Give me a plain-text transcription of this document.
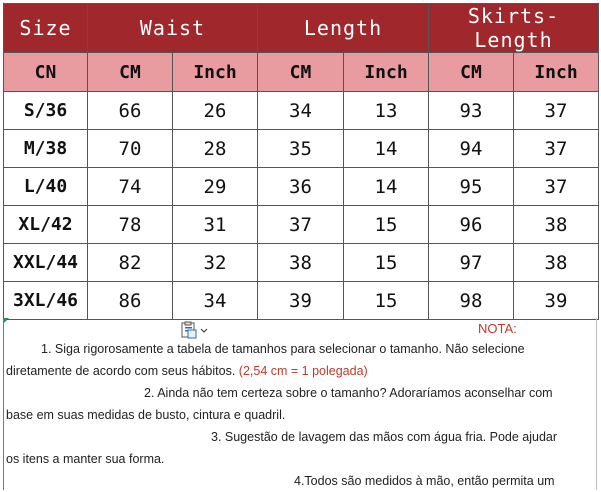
Size	Waist		Length		Skirts-Length	
CN	CM	Inch	CM	Inch	CM	Inch
S/36	66	26	34	13	93	37
M/38	70	28	35	14	94	37
L/40	74	29	36	14	95	37
XL/42	78	31	37	15	96	38
XXL/44	82	32	38	15	97	38
3XL/46	86	34	39	15	98	39
NOTA:
1. Siga rigorosamente a tabela de tamanhos para selecionar o tamanho. Não selecione
diretamente de acordo com seus hábitos. (2,54 cm = 1 polegada)
2. Ainda não tem certeza sobre o tamanho? Adoraríamos aconselhar com
base em suas medidas de busto, cintura e quadril.
3. Sugestão de lavagem das mãos com água fria. Pode ajudar
os itens a manter sua forma.
4.Todos são medidos à mão, então permita um
